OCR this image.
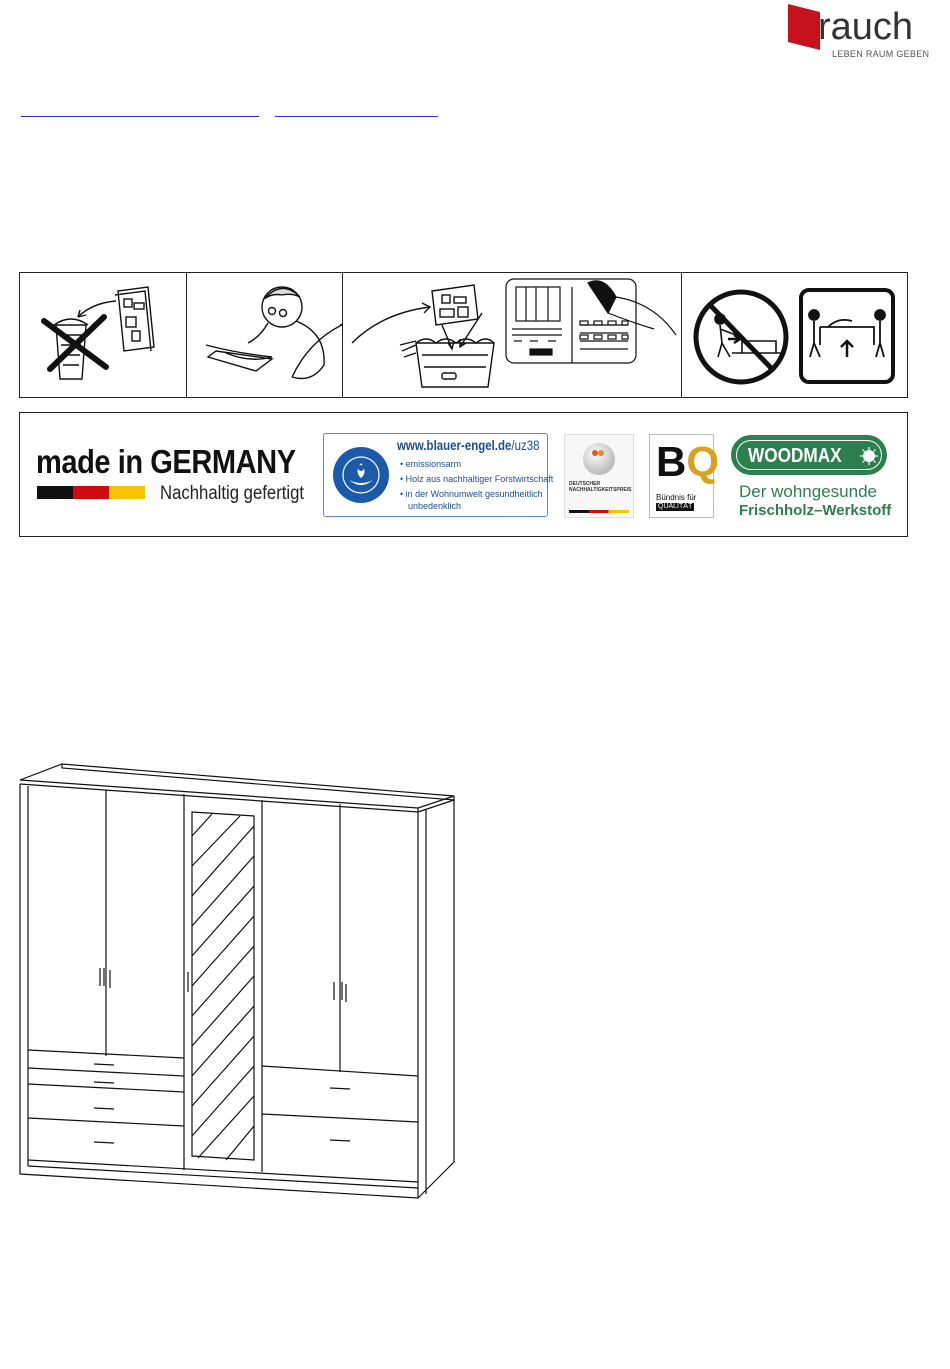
rauch
LEBEN RAUM GEBEN
made in GERMANY
Nachhaltig gefertigt
www.blauer-engel.de/uz38
• emissionsarm
• Holz aus nachhaltiger Forstwirtschaft
• in der Wohnumwelt gesundheitlich
unbedenklich
DEUTSCHER
NACHHALTIGKEITSPREIS
BQ
Bündnis für
QUALITÄT
WOODMAX
Der wohngesunde
Frischholz–Werkstoff
